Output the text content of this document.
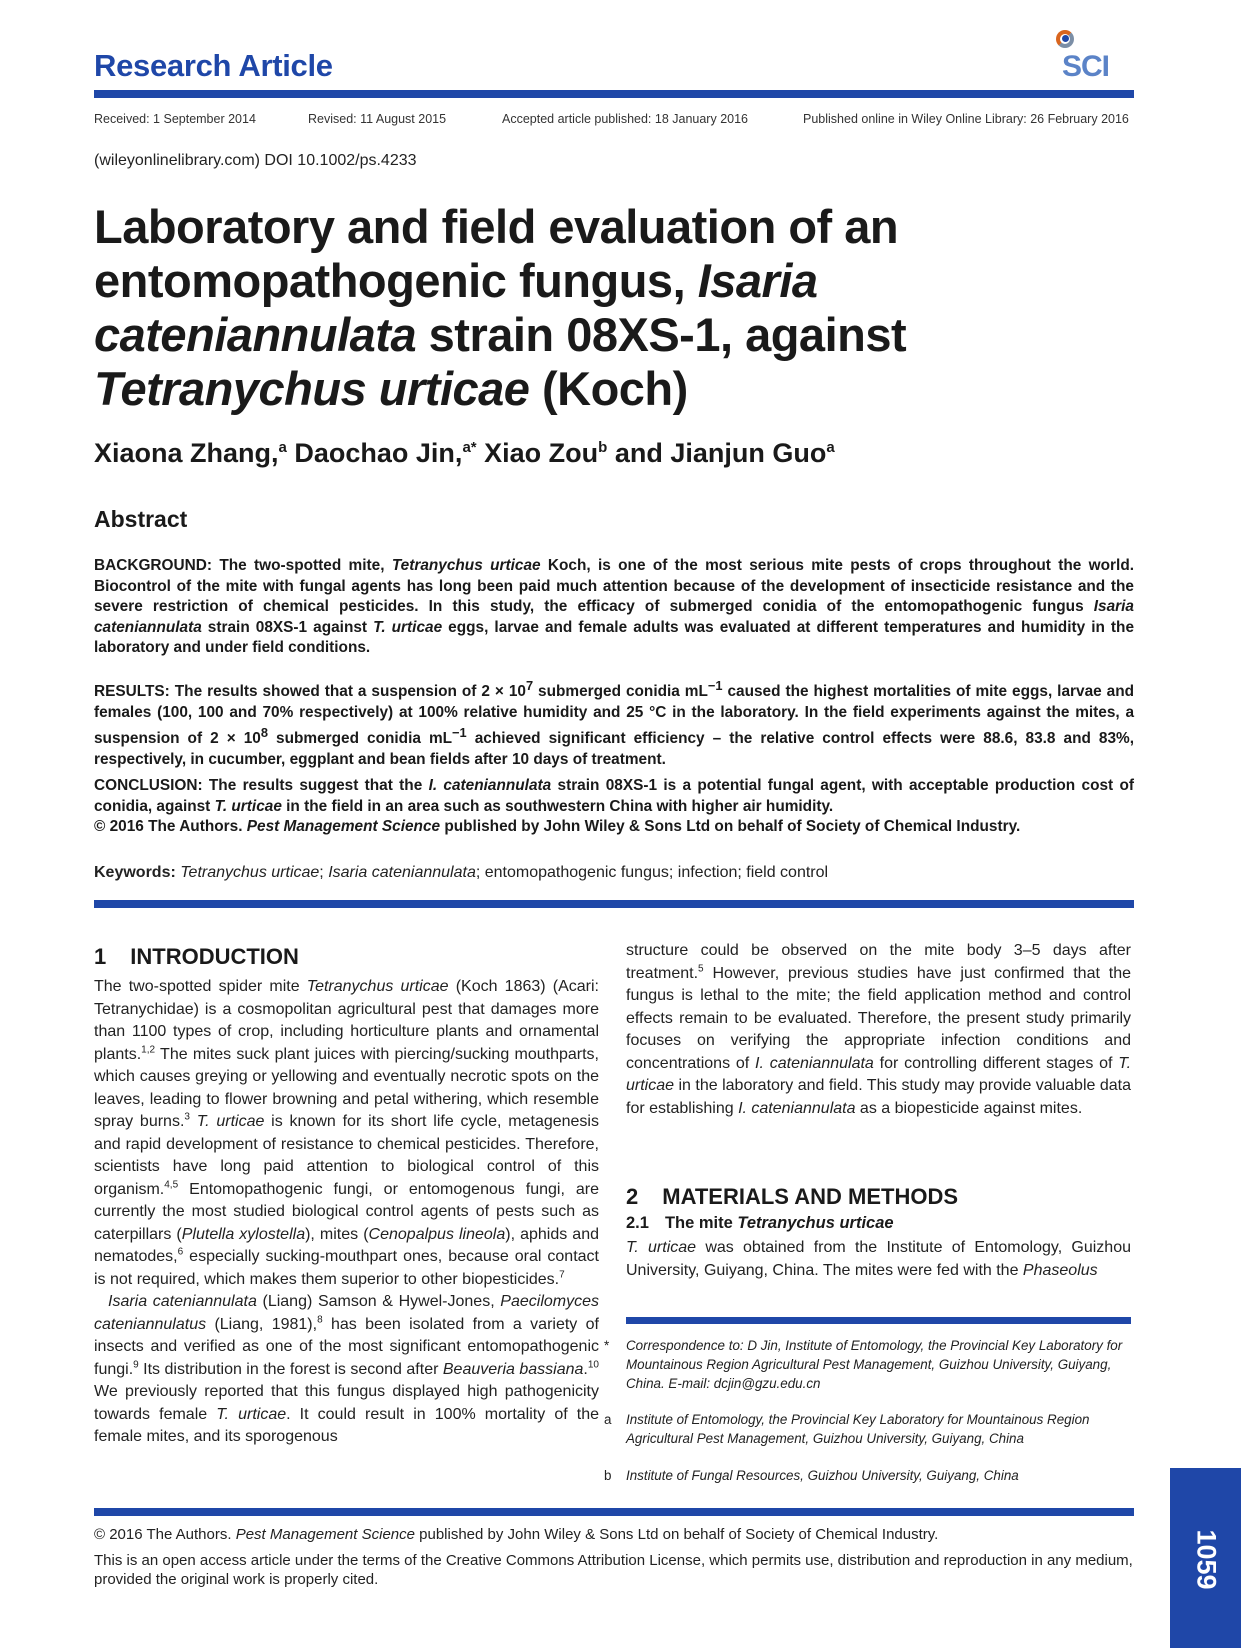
Research Article	SCI
Received: 1 September 2014	Revised: 11 August 2015	Accepted article published: 18 January 2016	Published online in Wiley Online Library: 26 February 2016
(wileyonlinelibrary.com) DOI 10.1002/ps.4233
Laboratory and field evaluation of an entomopathogenic fungus, Isaria cateniannulata strain 08XS-1, against Tetranychus urticae (Koch)
Xiaona Zhang,$^a$ Daochao Jin,$^{a*}$ Xiao Zou$^b$ and Jianjun Guo$^a$
Abstract
BACKGROUND: The two-spotted mite, Tetranychus urticae Koch, is one of the most serious mite pests of crops throughout the world. Biocontrol of the mite with fungal agents has long been paid much attention because of the development of insecticide resistance and the severe restriction of chemical pesticides. In this study, the efficacy of submerged conidia of the entomopathogenic fungus Isaria cateniannulata strain 08XS-1 against T. urticae eggs, larvae and female adults was evaluated at different temperatures and humidity in the laboratory and under field conditions.
RESULTS: The results showed that a suspension of $2 \times 10^7$ submerged conidia $mL^{-1}$ caused the highest mortalities of mite eggs, larvae and females (100, 100 and 70% respectively) at 100% relative humidity and 25 °C in the laboratory. In the field experiments against the mites, a suspension of $2 \times 10^8$ submerged conidia $mL^{-1}$ achieved significant efficiency – the relative control effects were 88.6, 83.8 and 83%, respectively, in cucumber, eggplant and bean fields after 10 days of treatment.
CONCLUSION: The results suggest that the I. cateniannulata strain 08XS-1 is a potential fungal agent, with acceptable production cost of conidia, against T. urticae in the field in an area such as southwestern China with higher air humidity.
© 2016 The Authors. Pest Management Science published by John Wiley & Sons Ltd on behalf of Society of Chemical Industry.
Keywords: Tetranychus urticae; Isaria cateniannulata; entomopathogenic fungus; infection; field control
1 INTRODUCTION

The two-spotted spider mite Tetranychus urticae (Koch 1863) (Acari: Tetranychidae) is a cosmopolitan agricultural pest that damages more than 1100 types of crop, including horticulture plants and ornamental plants.$^{1,2}$ The mites suck plant juices with piercing/sucking mouthparts, which causes greying or yellowing and eventually necrotic spots on the leaves, leading to flower browning and petal withering, which resemble spray burns.$^3$ T. urticae is known for its short life cycle, metagenesis and rapid development of resistance to chemical pesticides. Therefore, scientists have long paid attention to biological control of this organism.$^{4,5}$ Entomopathogenic fungi, or entomogenous fungi, are currently the most studied biological control agents of pests such as caterpillars (Plutella xylostella), mites (Cenopalpus lineola), aphids and nematodes,$^6$ especially sucking-mouthpart ones, because oral contact is not required, which makes them superior to other biopesticides.$^7$

Isaria cateniannulata (Liang) Samson & Hywel-Jones, Paecilomyces cateniannulatus (Liang, 1981),$^8$ has been isolated from a variety of insects and verified as one of the most significant entomopathogenic fungi.$^9$ Its distribution in the forest is second after Beauveria bassiana.$^{10}$ We previously reported that this fungus displayed high pathogenicity towards female T. urticae. It could result in 100% mortality of the female mites, and its sporogenous

structure could be observed on the mite body 3–5 days after treatment.$^5$ However, previous studies have just confirmed that the fungus is lethal to the mite; the field application method and control effects remain to be evaluated. Therefore, the present study primarily focuses on verifying the appropriate infection conditions and concentrations of I. cateniannulata for controlling different stages of T. urticae in the laboratory and field. This study may provide valuable data for establishing I. cateniannulata as a biopesticide against mites.

2 MATERIALS AND METHODS
2.1 The mite Tetranychus urticae
T. urticae was obtained from the Institute of Entomology, Guizhou University, Guiyang, China. The mites were fed with the Phaseolus
* Correspondence to: D Jin, Institute of Entomology, the Provincial Key Laboratory for Mountainous Region Agricultural Pest Management, Guizhou University, Guiyang, China. E-mail: dcjin@gzu.edu.cn
a Institute of Entomology, the Provincial Key Laboratory for Mountainous Region Agricultural Pest Management, Guizhou University, Guiyang, China
b Institute of Fungal Resources, Guizhou University, Guiyang, China
© 2016 The Authors. Pest Management Science published by John Wiley & Sons Ltd on behalf of Society of Chemical Industry.
This is an open access article under the terms of the Creative Commons Attribution License, which permits use, distribution and reproduction in any medium, provided the original work is properly cited.	1059
